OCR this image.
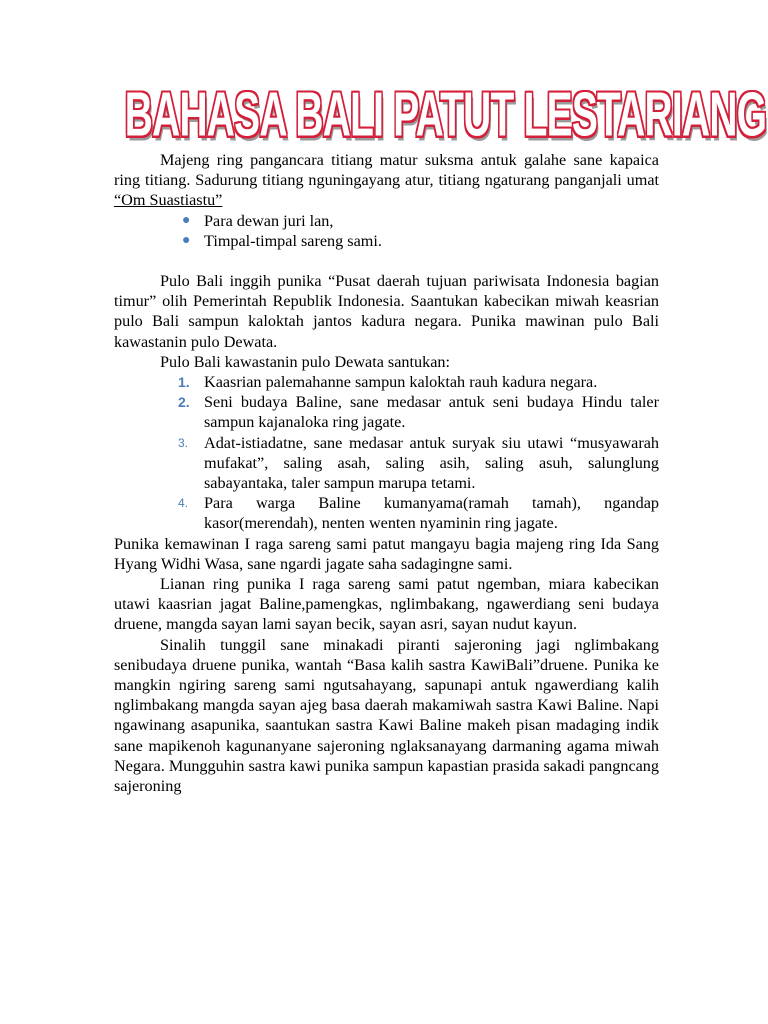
BAHASA BALI PATUT LESTARIANG

Majeng ring pangancara titiang matur suksma antuk galahe sane kapaica ring titiang. Sadurung titiang nguningayang atur, titiang ngaturang panganjali umat “Om Suastiastu”

● Para dewan juri lan,
● Timpal-timpal sareng sami.

Pulo Bali inggih punika “Pusat daerah tujuan pariwisata Indonesia bagian timur” olih Pemerintah Republik Indonesia. Saantukan kabecikan miwah keasrian pulo Bali sampun kaloktah jantos kadura negara. Punika mawinan pulo Bali kawastanin pulo Dewata.

Pulo Bali kawastanin pulo Dewata santukan:

1. Kaasrian palemahanne sampun kaloktah rauh kadura negara.
2. Seni budaya Baline, sane medasar antuk seni budaya Hindu taler sampun kajanaloka ring jagate.
3. Adat-istiadatne, sane medasar antuk suryak siu utawi “musyawarah mufakat”, saling asah, saling asih, saling asuh, salunglung sabayantaka, taler sampun marupa tetami.
4. Para warga Baline kumanyama(ramah tamah), ngandap kasor(merendah), nenten wenten nyaminin ring jagate.

Punika kemawinan I raga sareng sami patut mangayu bagia majeng ring Ida Sang Hyang Widhi Wasa, sane ngardi jagate saha sadagingne sami.

Lianan ring punika I raga sareng sami patut ngemban, miara kabecikan utawi kaasrian jagat Baline,pamengkas, nglimbakang, ngawerdiang seni budaya druene, mangda sayan lami sayan becik, sayan asri, sayan nudut kayun.

Sinalih tunggil sane minakadi piranti sajeroning jagi nglimbakang senibudaya druene punika, wantah “Basa kalih sastra KawiBali”druene. Punika ke mangkin ngiring sareng sami ngutsahayang, sapunapi antuk ngawerdiang kalih nglimbakang mangda sayan ajeg basa daerah makamiwah sastra Kawi Baline. Napi ngawinang asapunika, saantukan sastra Kawi Baline makeh pisan madaging indik sane mapikenoh kagunanyane sajeroning nglaksanayang darmaning agama miwah Negara. Mungguhin sastra kawi punika sampun kapastian prasida sakadi pangncang sajeroning
